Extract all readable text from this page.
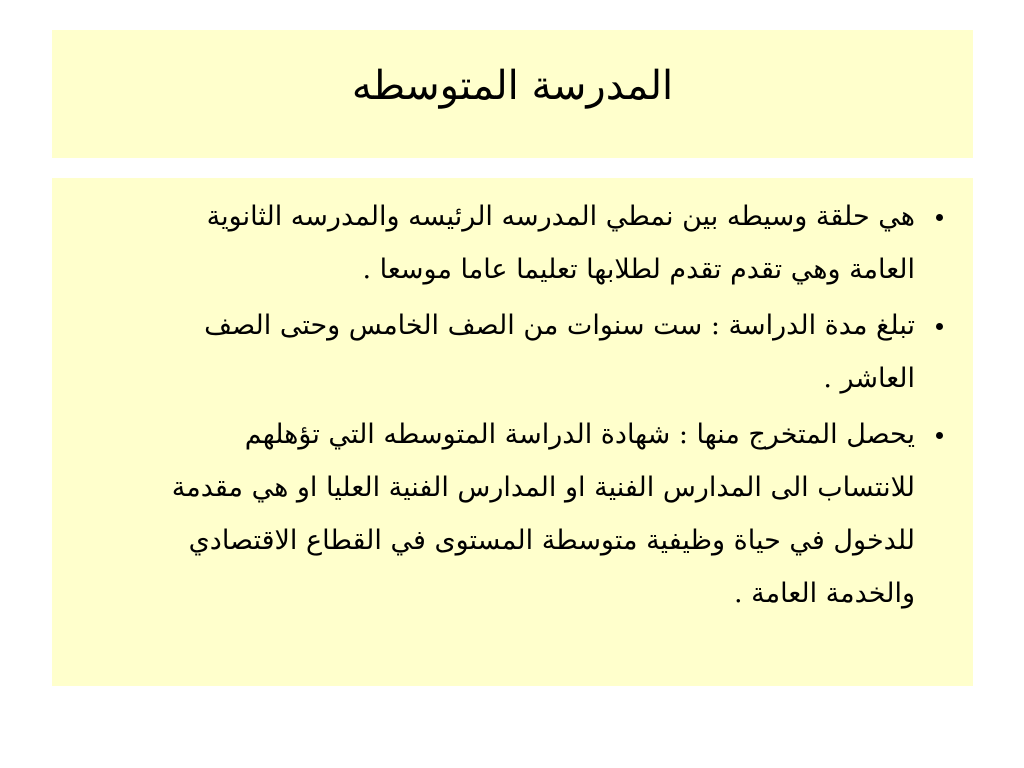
المدرسة المتوسطه
هي حلقة وسيطه بين نمطي المدرسه الرئيسه والمدرسه الثانوية
العامة وهي تقدم تقدم لطلابها تعليما عاما موسعا .
تبلغ مدة الدراسة : ست سنوات من الصف الخامس وحتى الصف
العاشر .
يحصل المتخرج منها : شهادة الدراسة المتوسطه التي تؤهلهم
للانتساب الى المدارس الفنية او المدارس الفنية العليا او هي مقدمة
للدخول في حياة وظيفية متوسطة المستوى في القطاع الاقتصادي
والخدمة العامة .
